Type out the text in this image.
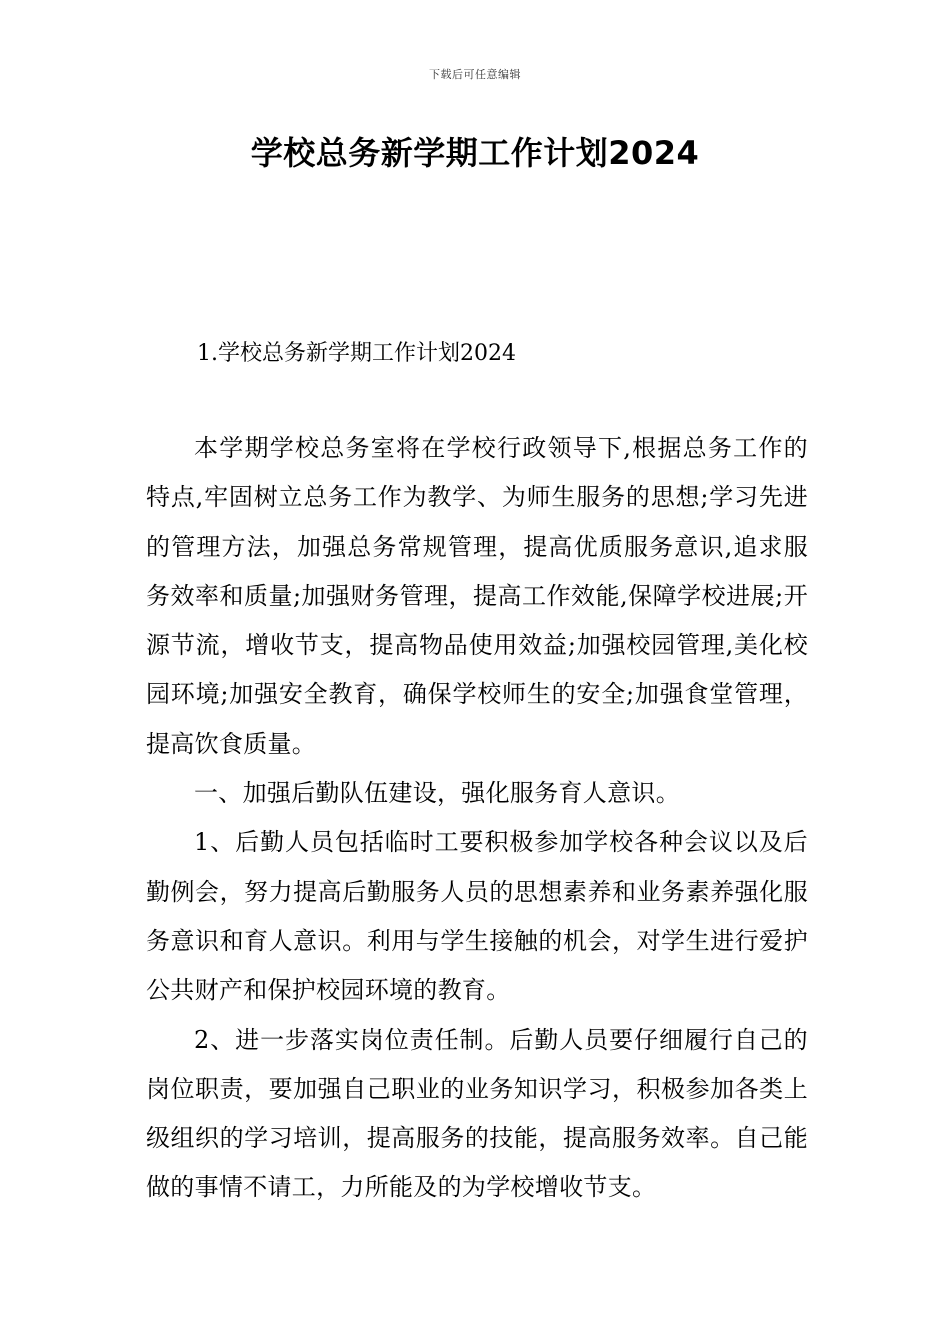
下载后可任意编辑
学校总务新学期工作计划2024
1.学校总务新学期工作计划2024

本学期学校总务室将在学校行政领导下,根据总务工作的特点,牢固树立总务工作为教学、为师生服务的思想;学习先进的管理方法，加强总务常规管理，提高优质服务意识,追求服务效率和质量;加强财务管理，提高工作效能,保障学校进展;开源节流，增收节支，提高物品使用效益;加强校园管理,美化校园环境;加强安全教育，确保学校师生的安全;加强食堂管理，提高饮食质量。

一、加强后勤队伍建设，强化服务育人意识。

1、后勤人员包括临时工要积极参加学校各种会议以及后勤例会，努力提高后勤服务人员的思想素养和业务素养强化服务意识和育人意识。利用与学生接触的机会，对学生进行爱护公共财产和保护校园环境的教育。

2、进一步落实岗位责任制。后勤人员要仔细履行自己的岗位职责，要加强自己职业的业务知识学习，积极参加各类上级组织的学习培训，提高服务的技能，提高服务效率。自己能做的事情不请工，力所能及的为学校增收节支。
